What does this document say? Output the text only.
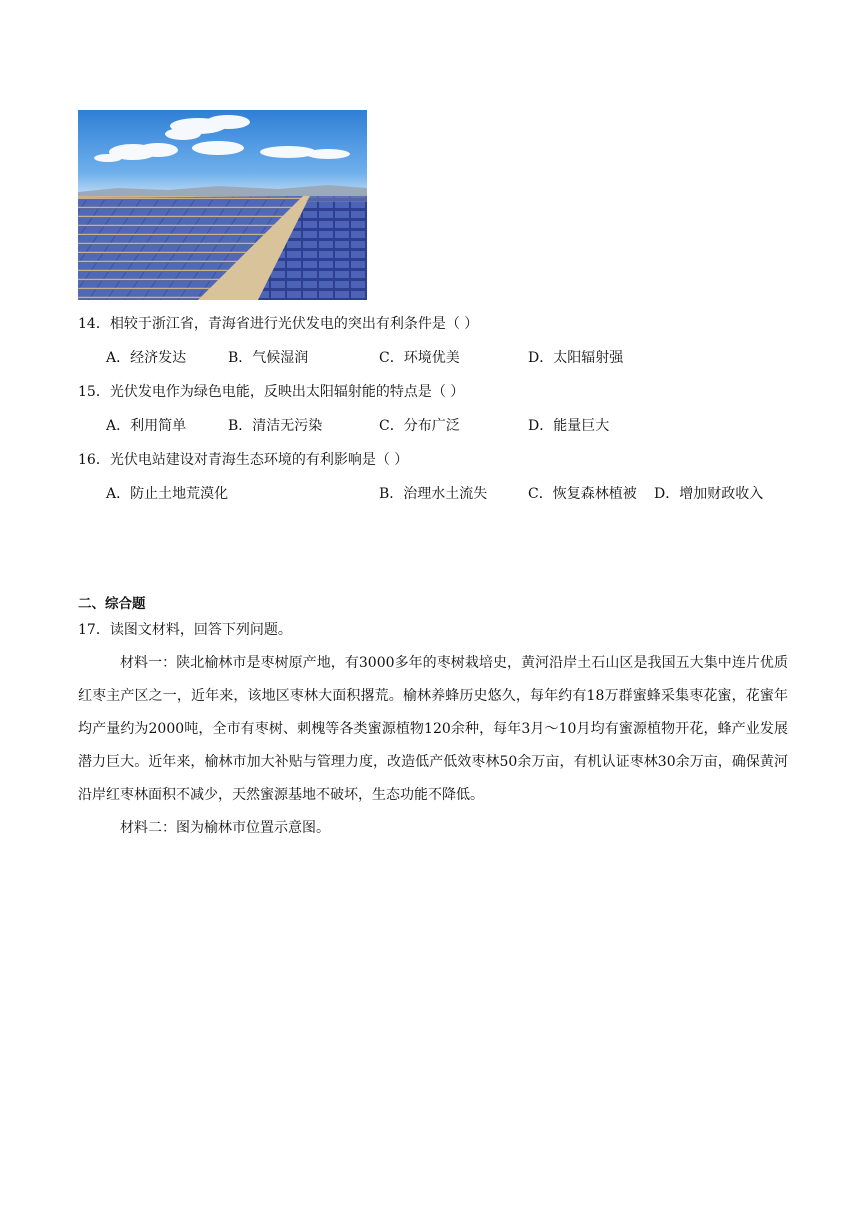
14．相较于浙江省，青海省进行光伏发电的突出有利条件是（ ）
A．经济发达	B．气候湿润	C．环境优美	D．太阳辐射强
15．光伏发电作为绿色电能，反映出太阳辐射能的特点是（ ）
A．利用简单	B．清洁无污染	C．分布广泛	D．能量巨大
16．光伏电站建设对青海生态环境的有利影响是（ ）
A．防止土地荒漠化	B．治理水土流失	C．恢复森林植被 D．增加财政收入
二、综合题
17．读图文材料，回答下列问题。
材料一：陕北榆林市是枣树原产地，有3000多年的枣树栽培史，黄河沿岸土石山区是我国五大集中连片优质红枣主产区之一，近年来，该地区枣林大面积撂荒。榆林养蜂历史悠久，每年约有18万群蜜蜂采集枣花蜜，花蜜年均产量约为2000吨，全市有枣树、刺槐等各类蜜源植物120余种，每年3月～10月均有蜜源植物开花，蜂产业发展潜力巨大。近年来，榆林市加大补贴与管理力度，改造低产低效枣林50余万亩，有机认证枣林30余万亩，确保黄河沿岸红枣林面积不减少，天然蜜源基地不破坏，生态功能不降低。
材料二：图为榆林市位置示意图。
